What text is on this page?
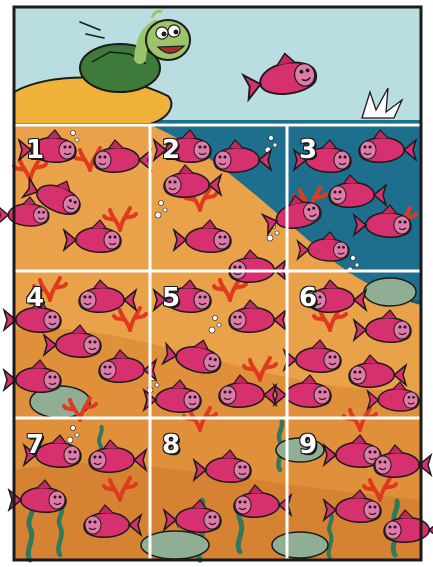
1	2	3
4	5	6
7	8	9
